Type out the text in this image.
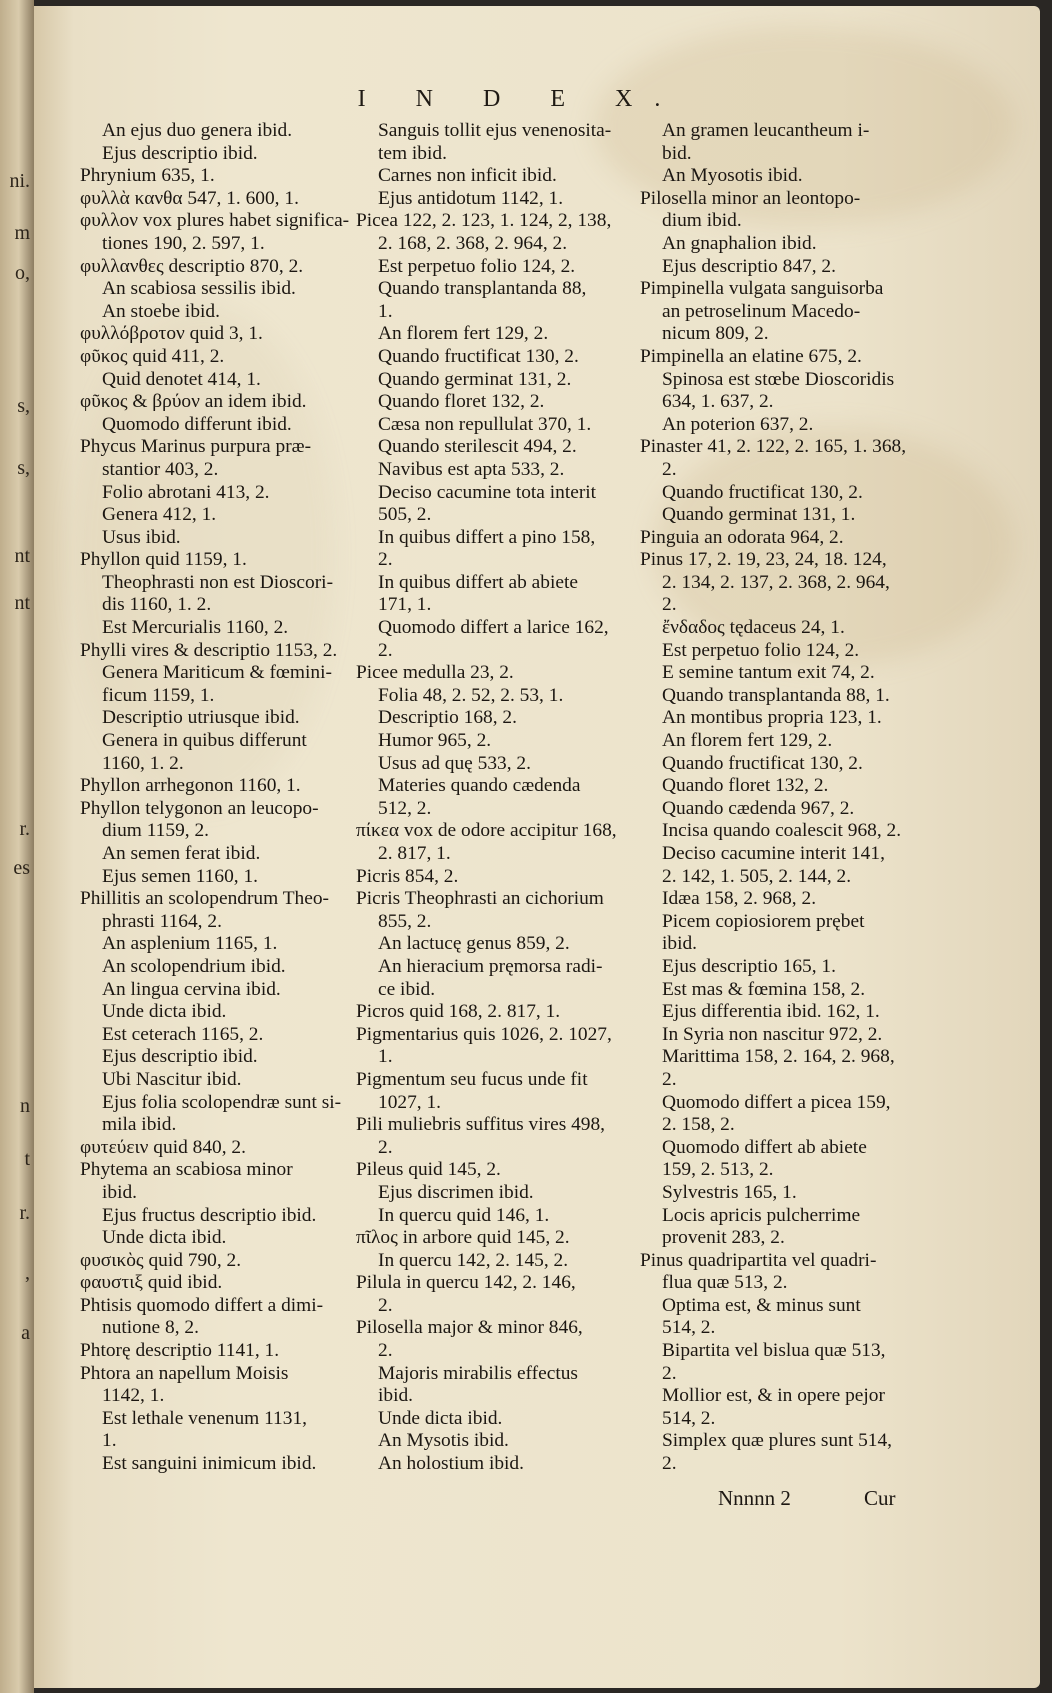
ni.
m
o,
s,
s,
nt
nt
r.
es
n
t
r.
,
a
I N D E X.
An ejus duo genera ibid.
Ejus descriptio ibid.
Phrynium 635, 1.
φυλλὰ κανθα 547, 1. 600, 1.
φυλλον vox plures habet significa-
tiones 190, 2. 597, 1.
φυλλανθες descriptio 870, 2.
An scabiosa sessilis ibid.
An stoebe ibid.
φυλλόβροτον quid 3, 1.
φῦκος quid 411, 2.
Quid denotet 414, 1.
φῦκος & βρύον an idem ibid.
Quomodo differunt ibid.
Phycus Marinus purpura præ-
stantior 403, 2.
Folio abrotani 413, 2.
Genera 412, 1.
Usus ibid.
Phyllon quid 1159, 1.
Theophrasti non est Dioscori-
dis 1160, 1. 2.
Est Mercurialis 1160, 2.
Phylli vires & descriptio 1153, 2.
Genera Mariticum & fœmini-
ficum 1159, 1.
Descriptio utriusque ibid.
Genera in quibus differunt
1160, 1. 2.
Phyllon arrhegonon 1160, 1.
Phyllon telygonon an leucopo-
dium 1159, 2.
An semen ferat ibid.
Ejus semen 1160, 1.
Phillitis an scolopendrum Theo-
phrasti 1164, 2.
An asplenium 1165, 1.
An scolopendrium ibid.
An lingua cervina ibid.
Unde dicta ibid.
Est ceterach 1165, 2.
Ejus descriptio ibid.
Ubi Nascitur ibid.
Ejus folia scolopendræ sunt si-
mila ibid.
φυτεύειν quid 840, 2.
Phytema an scabiosa minor
ibid.
Ejus fructus descriptio ibid.
Unde dicta ibid.
φυσικὸς quid 790, 2.
φαυστιξ quid ibid.
Phtisis quomodo differt a dimi-
nutione 8, 2.
Phtorę descriptio 1141, 1.
Phtora an napellum Moisis
1142, 1.
Est lethale venenum 1131,
1.
Est sanguini inimicum ibid.
Sanguis tollit ejus venenosita-
tem ibid.
Carnes non inficit ibid.
Ejus antidotum 1142, 1.
Picea 122, 2. 123, 1. 124, 2, 138,
2. 168, 2. 368, 2. 964, 2.
Est perpetuo folio 124, 2.
Quando transplantanda 88,
1.
An florem fert 129, 2.
Quando fructificat 130, 2.
Quando germinat 131, 2.
Quando floret 132, 2.
Cæsa non repullulat 370, 1.
Quando sterilescit 494, 2.
Navibus est apta 533, 2.
Deciso cacumine tota interit
505, 2.
In quibus differt a pino 158,
2.
In quibus differt ab abiete
171, 1.
Quomodo differt a larice 162,
2.
Picee medulla 23, 2.
Folia 48, 2. 52, 2. 53, 1.
Descriptio 168, 2.
Humor 965, 2.
Usus ad quę 533, 2.
Materies quando cædenda
512, 2.
πίκεα vox de odore accipitur 168,
2. 817, 1.
Picris 854, 2.
Picris Theophrasti an cichorium
855, 2.
An lactucę genus 859, 2.
An hieracium pręmorsa radi-
ce ibid.
Picros quid 168, 2. 817, 1.
Pigmentarius quis 1026, 2. 1027,
1.
Pigmentum seu fucus unde fit
1027, 1.
Pili muliebris suffitus vires 498,
2.
Pileus quid 145, 2.
Ejus discrimen ibid.
In quercu quid 146, 1.
πῖλος in arbore quid 145, 2.
In quercu 142, 2. 145, 2.
Pilula in quercu 142, 2. 146,
2.
Pilosella major & minor 846,
2.
Majoris mirabilis effectus
ibid.
Unde dicta ibid.
An Mysotis ibid.
An holostium ibid.
An gramen leucantheum i-
bid.
An Myosotis ibid.
Pilosella minor an leontopo-
dium ibid.
An gnaphalion ibid.
Ejus descriptio 847, 2.
Pimpinella vulgata sanguisorba
an petroselinum Macedo-
nicum 809, 2.
Pimpinella an elatine 675, 2.
Spinosa est stœbe Dioscoridis
634, 1. 637, 2.
An poterion 637, 2.
Pinaster 41, 2. 122, 2. 165, 1. 368,
2.
Quando fructificat 130, 2.
Quando germinat 131, 1.
Pinguia an odorata 964, 2.
Pinus 17, 2. 19, 23, 24, 18. 124,
2. 134, 2. 137, 2. 368, 2. 964,
2.
ἔνδαδος tędaceus 24, 1.
Est perpetuo folio 124, 2.
E semine tantum exit 74, 2.
Quando transplantanda 88, 1.
An montibus propria 123, 1.
An florem fert 129, 2.
Quando fructificat 130, 2.
Quando floret 132, 2.
Quando cædenda 967, 2.
Incisa quando coalescit 968, 2.
Deciso cacumine interit 141,
2. 142, 1. 505, 2. 144, 2.
Idæa 158, 2. 968, 2.
Picem copiosiorem prębet
ibid.
Ejus descriptio 165, 1.
Est mas & fœmina 158, 2.
Ejus differentia ibid. 162, 1.
In Syria non nascitur 972, 2.
Marittima 158, 2. 164, 2. 968,
2.
Quomodo differt a picea 159,
2. 158, 2.
Quomodo differt ab abiete
159, 2. 513, 2.
Sylvestris 165, 1.
Locis apricis pulcherrime
provenit 283, 2.
Pinus quadripartita vel quadri-
flua quæ 513, 2.
Optima est, & minus sunt
514, 2.
Bipartita vel bislua quæ 513,
2.
Mollior est, & in opere pejor
514, 2.
Simplex quæ plures sunt 514,
2.
Nnnnn 2	Cur
